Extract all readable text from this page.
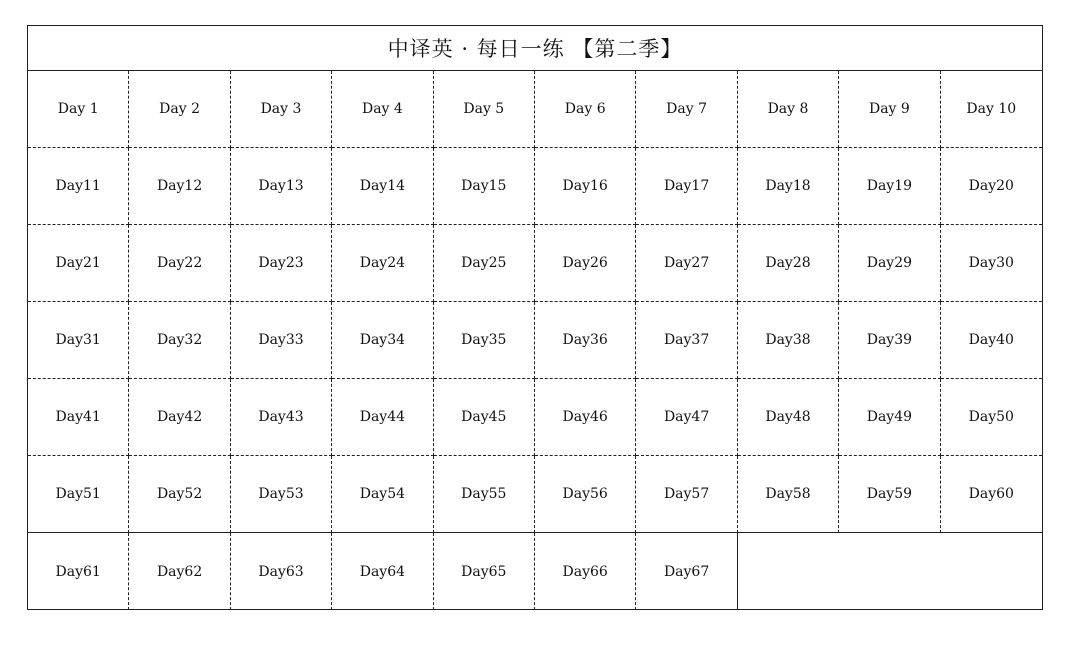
中译英 · 每日一练 【第二季】
Day 1	Day 2	Day 3	Day 4	Day 5	Day 6	Day 7	Day 8	Day 9	Day 10
Day11	Day12	Day13	Day14	Day15	Day16	Day17	Day18	Day19	Day20
Day21	Day22	Day23	Day24	Day25	Day26	Day27	Day28	Day29	Day30
Day31	Day32	Day33	Day34	Day35	Day36	Day37	Day38	Day39	Day40
Day41	Day42	Day43	Day44	Day45	Day46	Day47	Day48	Day49	Day50
Day51	Day52	Day53	Day54	Day55	Day56	Day57	Day58	Day59	Day60
Day61	Day62	Day63	Day64	Day65	Day66	Day67
